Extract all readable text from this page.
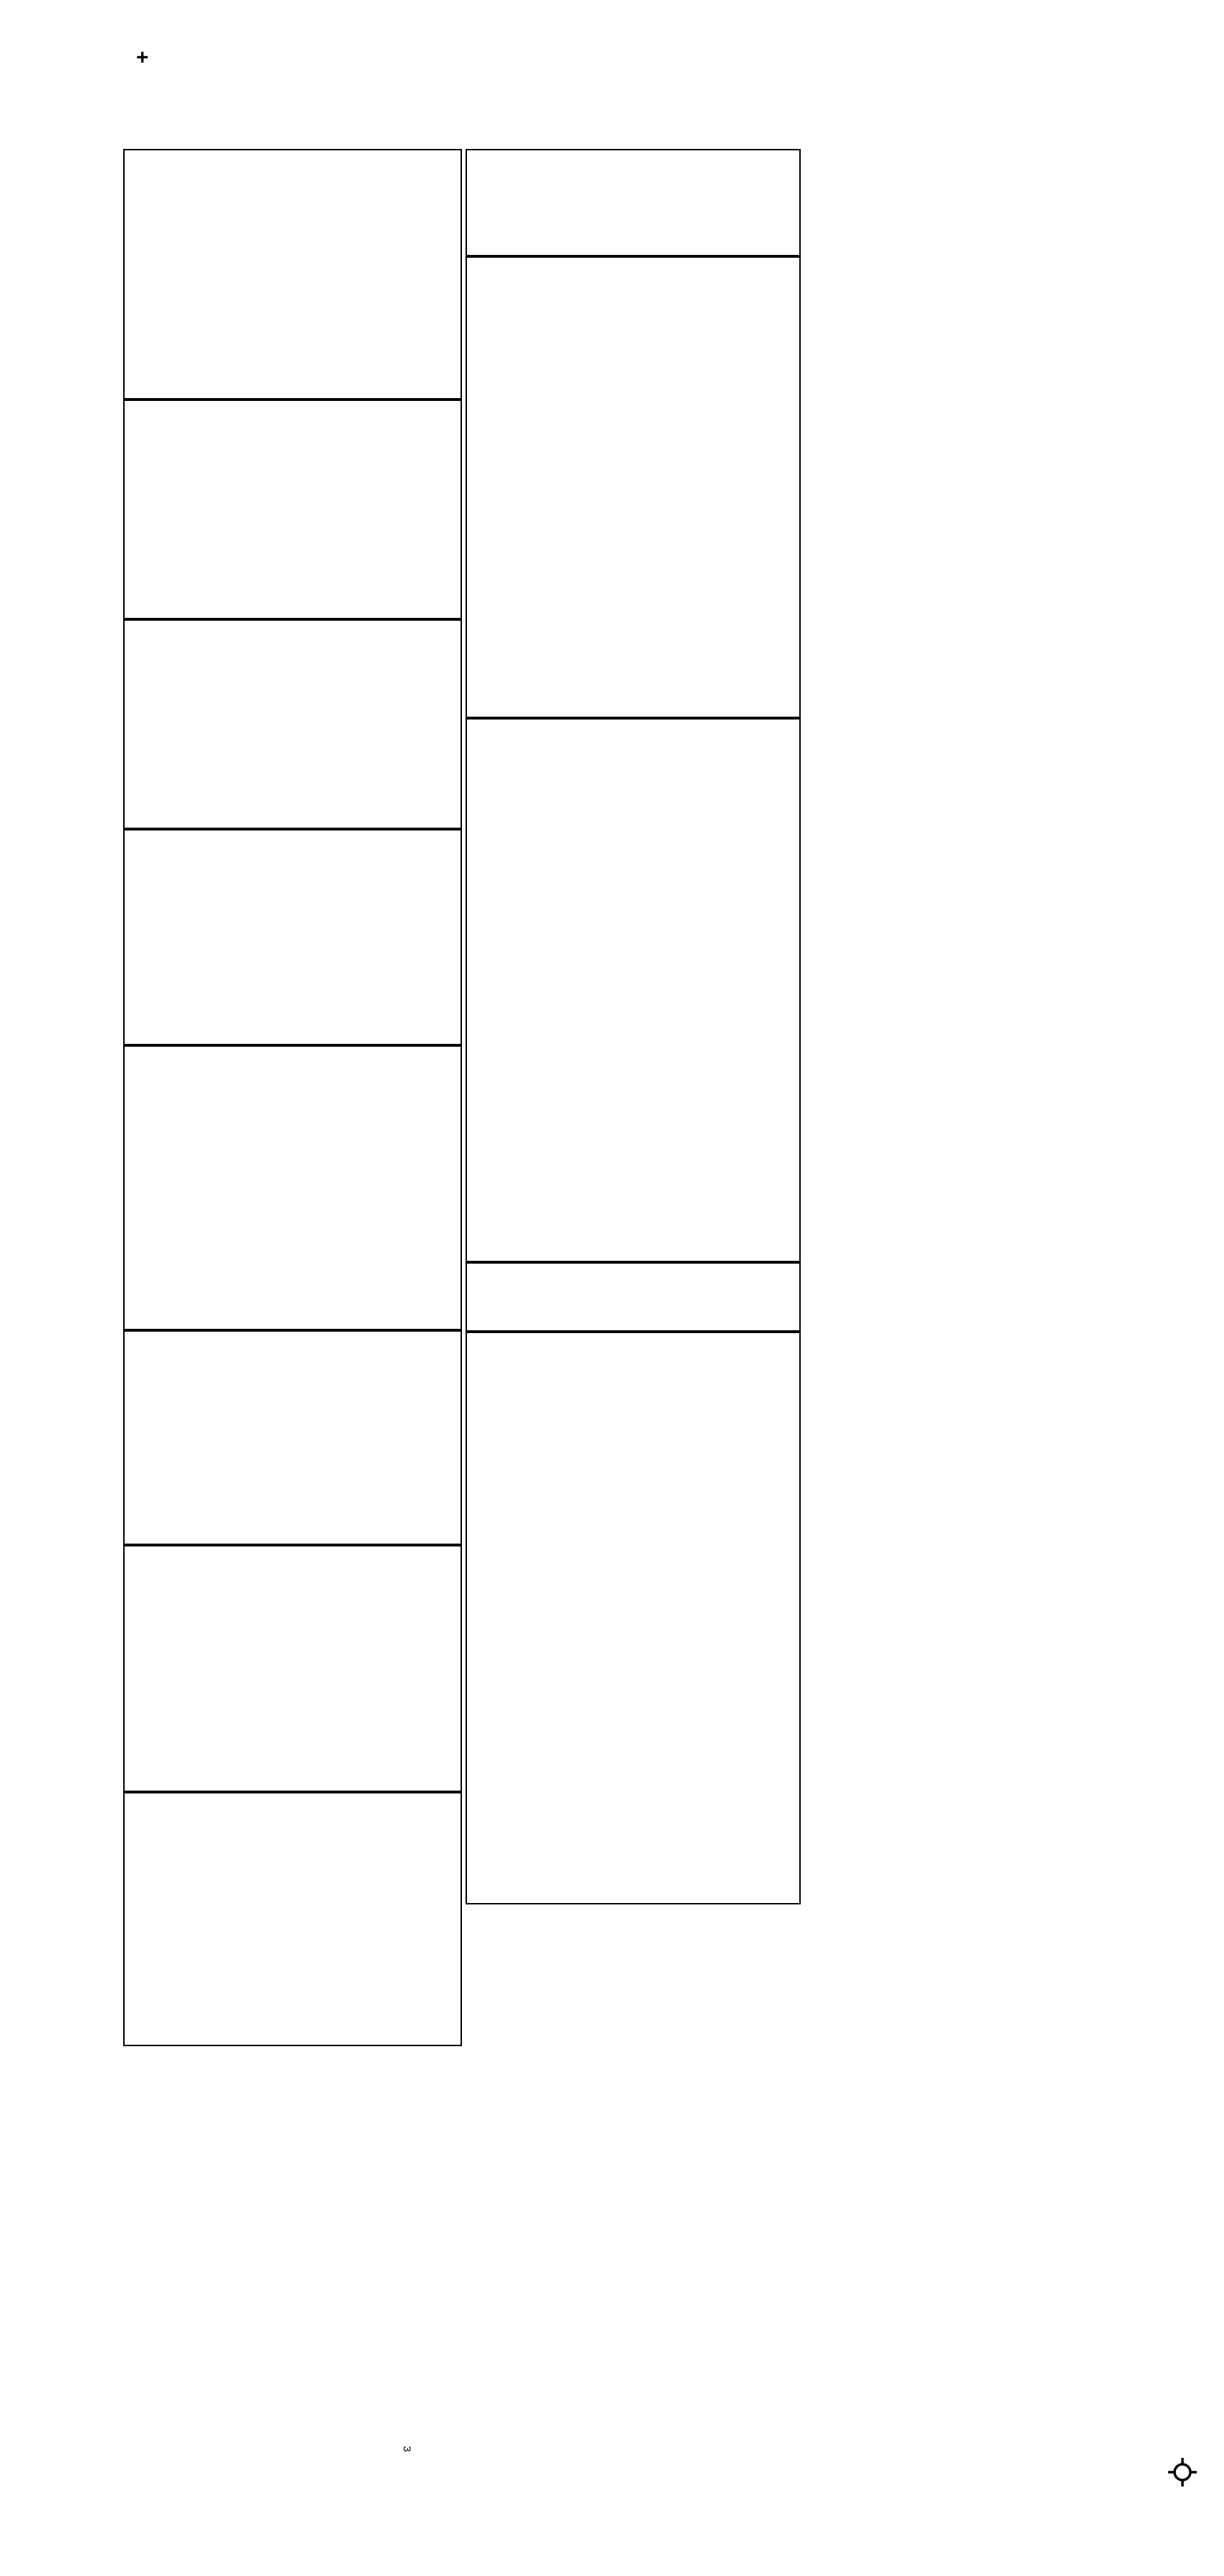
+
3
